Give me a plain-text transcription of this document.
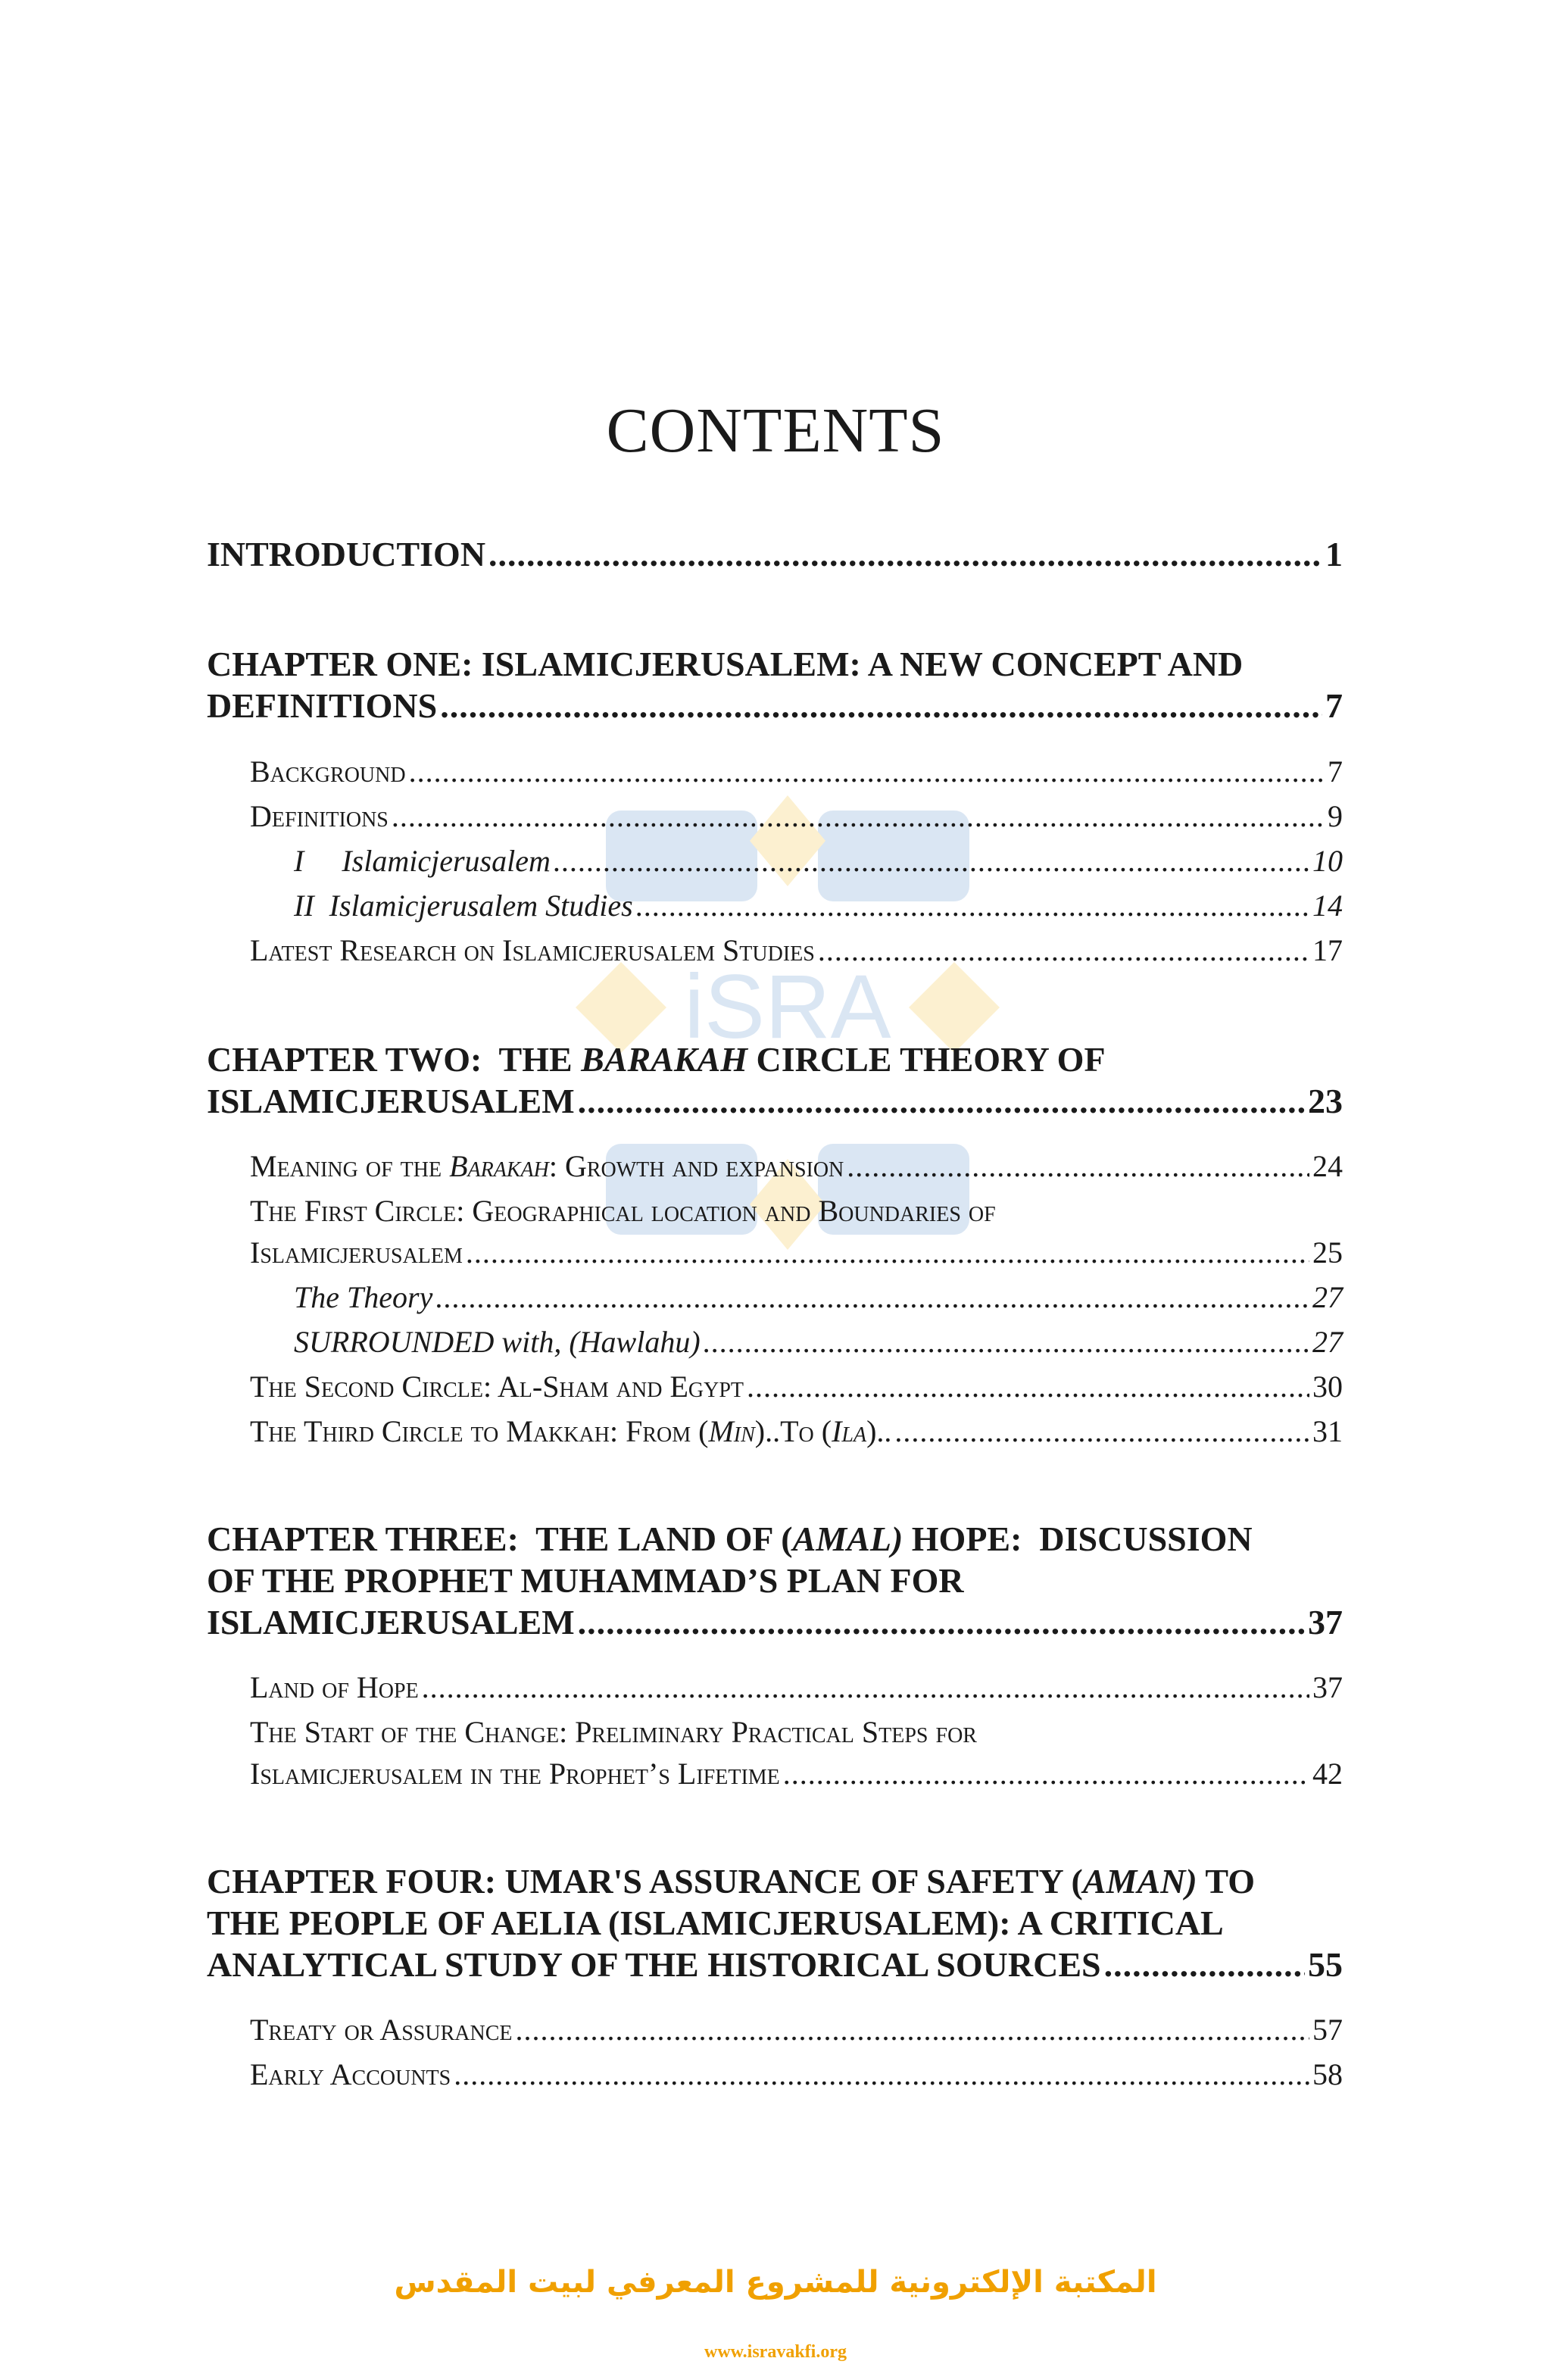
iSRA
CONTENTS
INTRODUCTION .....	1
CHAPTER ONE: ISLAMICJERUSALEM: A NEW CONCEPT AND
DEFINITIONS .....	7
Background .....	7
Definitions .....	9
I     Islamicjerusalem .....	10
II  Islamicjerusalem Studies .....	14
Latest Research on Islamicjerusalem Studies .....	17
CHAPTER TWO:  THE BARAKAH CIRCLE THEORY OF
ISLAMICJERUSALEM .....	23
Meaning of the Barakah: Growth and expansion .....	24
The First Circle: Geographical location and Boundaries of
Islamicjerusalem .....	25
The Theory .....	27
SURROUNDED with, (Hawlahu) .....	27
The Second Circle: Al-Sham and Egypt .....	30
The Third Circle to Makkah: From (Min)..To (Ila).. .....	31
CHAPTER THREE:  THE LAND OF (AMAL) HOPE:  DISCUSSION
OF THE PROPHET MUHAMMAD’S PLAN FOR
ISLAMICJERUSALEM .....	37
Land of Hope .....	37
The Start of the Change: Preliminary Practical Steps for
Islamicjerusalem in the Prophet’s Lifetime .....	42
CHAPTER FOUR: UMAR'S ASSURANCE OF SAFETY (AMAN) TO
THE PEOPLE OF AELIA (ISLAMICJERUSALEM): A CRITICAL
ANALYTICAL STUDY OF THE HISTORICAL SOURCES .....	55
Treaty or Assurance .....	57
Early Accounts .....	58
المكتبة الإلكترونية للمشروع المعرفي لبيت المقدس
www.isravakfi.org
